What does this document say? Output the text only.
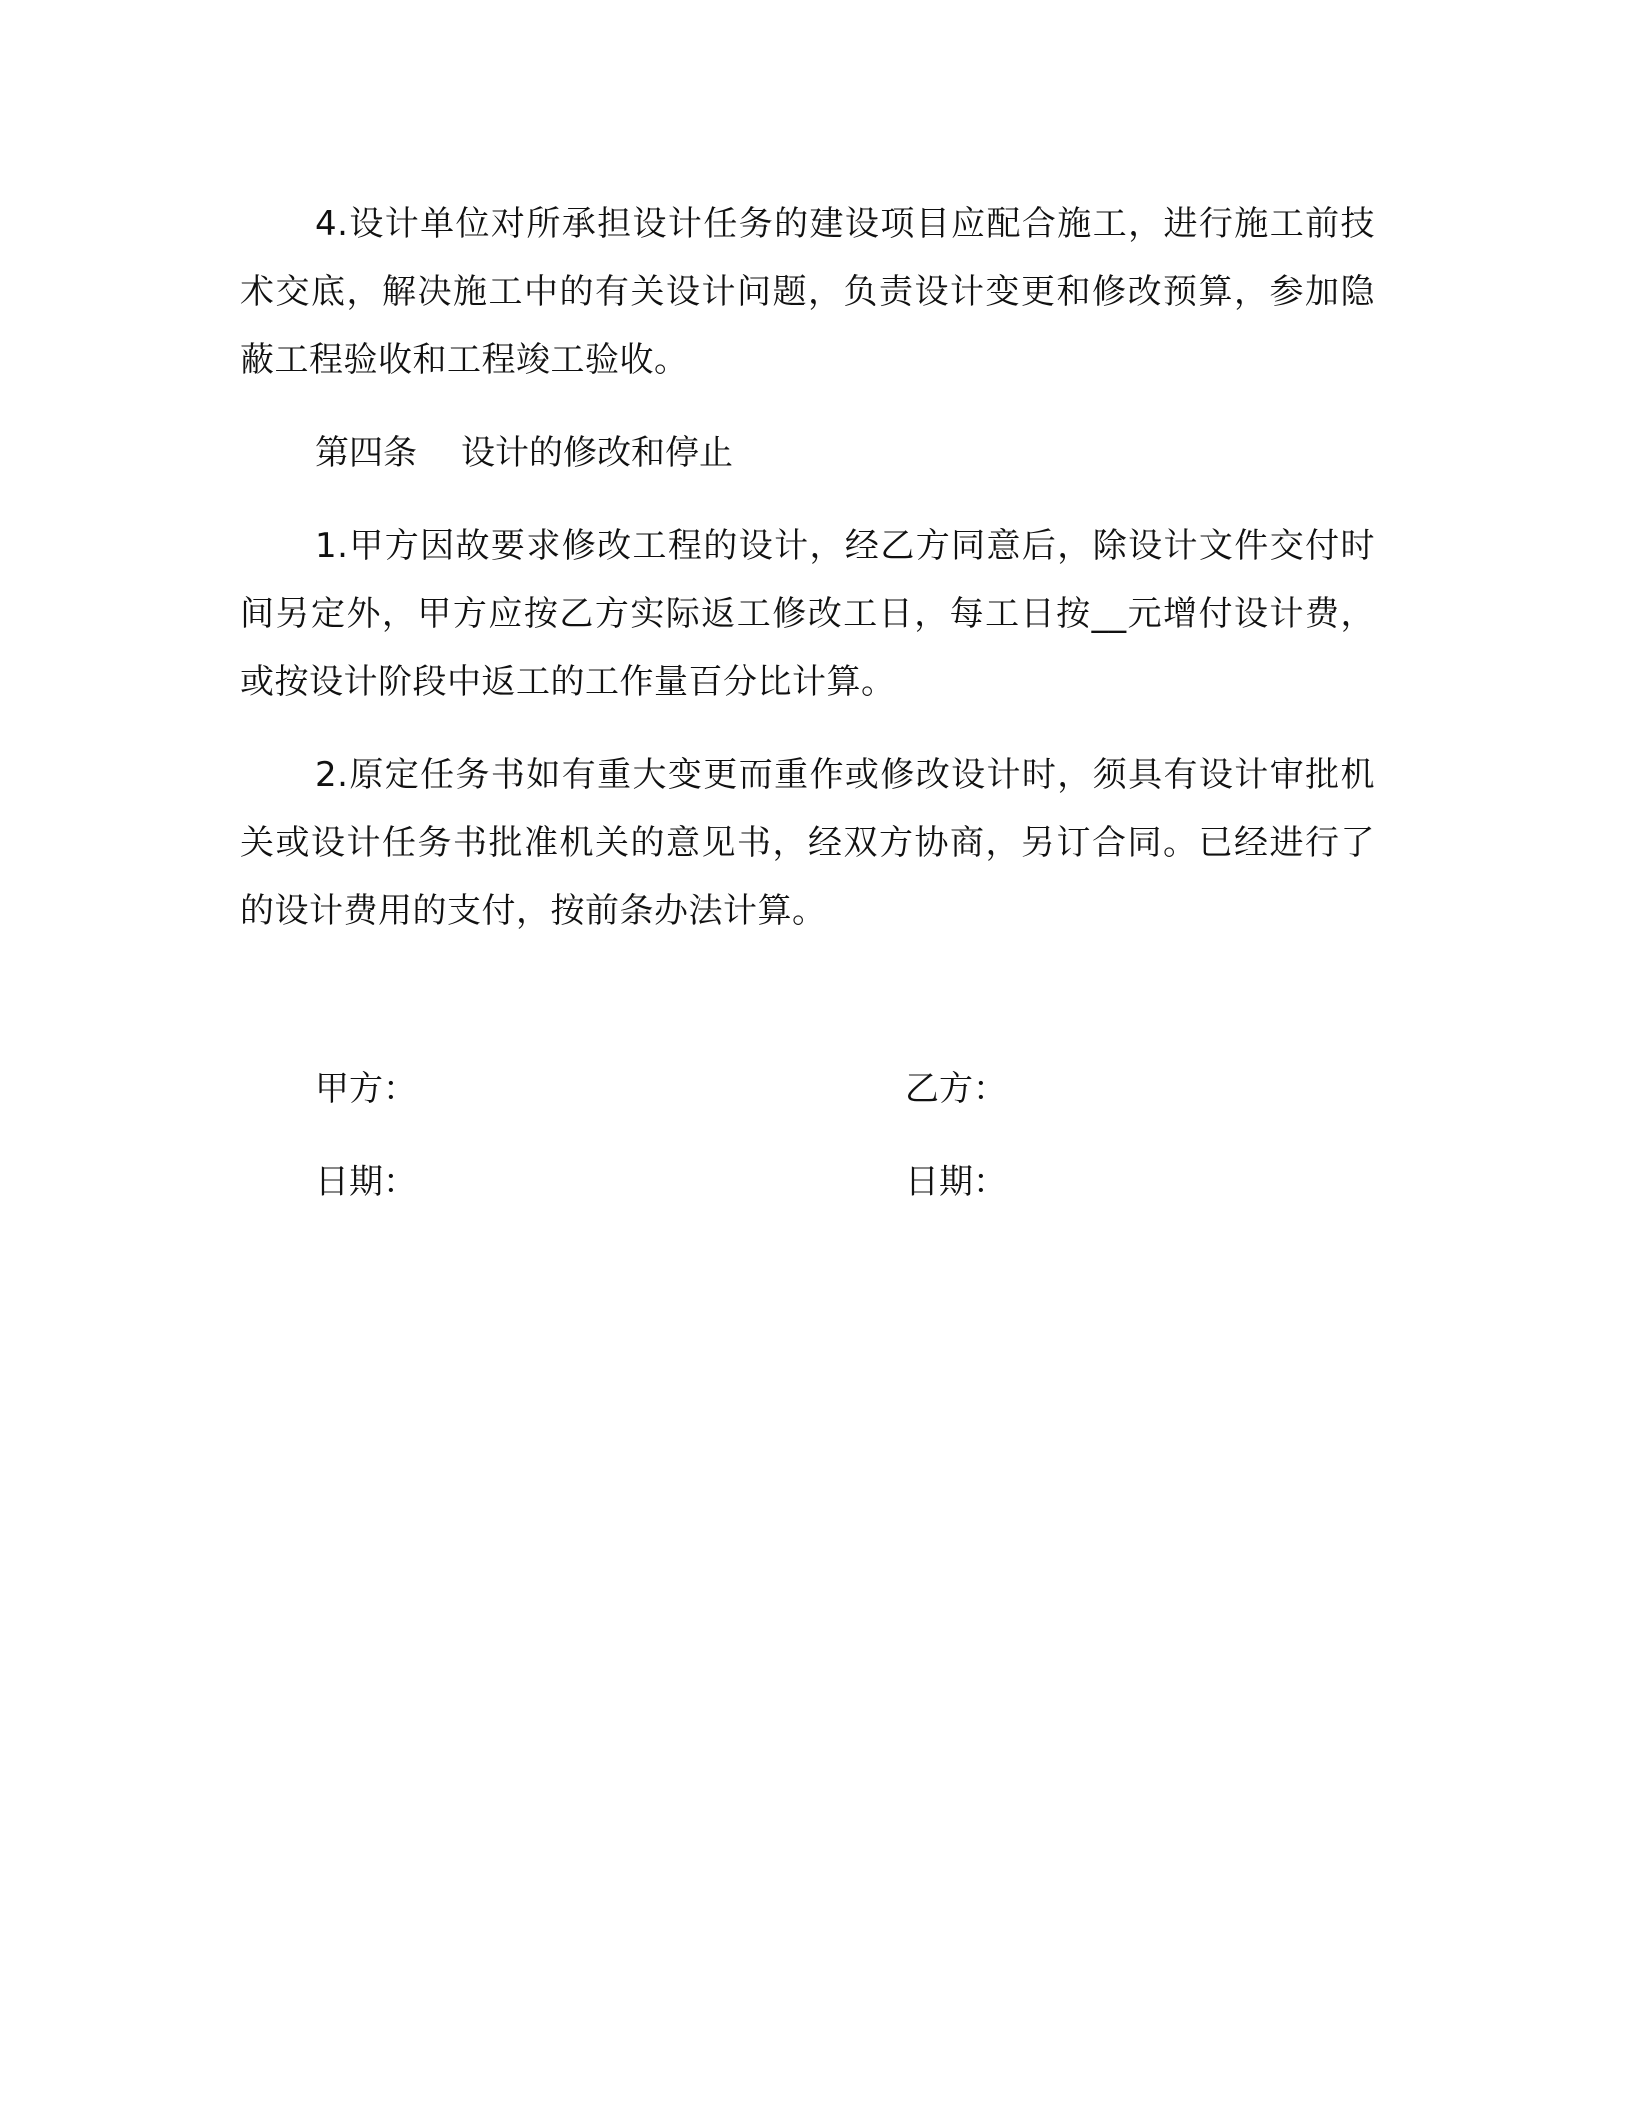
4.设计单位对所承担设计任务的建设项目应配合施工，进行施工前技术交底，解决施工中的有关设计问题，负责设计变更和修改预算，参加隐蔽工程验收和工程竣工验收。

第四条 设计的修改和停止

1.甲方因故要求修改工程的设计，经乙方同意后，除设计文件交付时间另定外，甲方应按乙方实际返工修改工日，每工日按__元增付设计费，或按设计阶段中返工的工作量百分比计算。

2.原定任务书如有重大变更而重作或修改设计时，须具有设计审批机关或设计任务书批准机关的意见书，经双方协商，另订合同。已经进行了的设计费用的支付，按前条办法计算。

甲方：	乙方：
日期：	日期：
